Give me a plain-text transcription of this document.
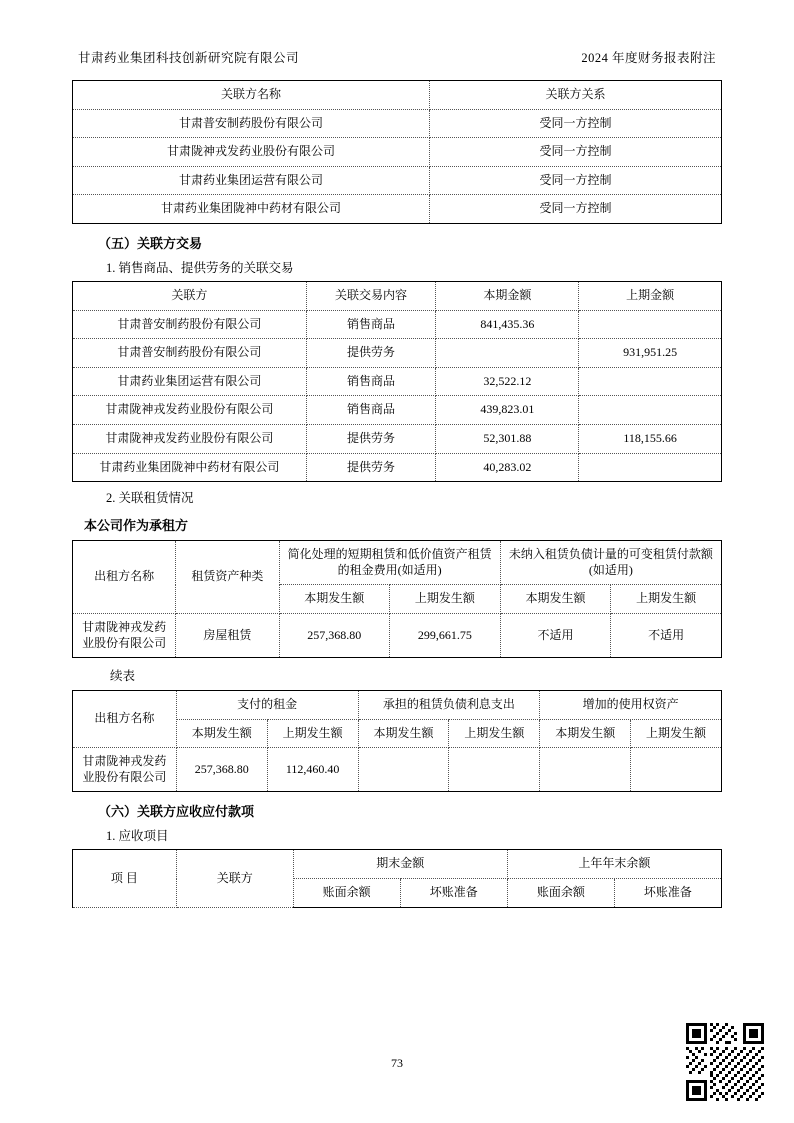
甘肃药业集团科技创新研究院有限公司	2024 年度财务报表附注
关联方名称	关联方关系
甘肃普安制药股份有限公司	受同一方控制
甘肃陇神戎发药业股份有限公司	受同一方控制
甘肃药业集团运营有限公司	受同一方控制
甘肃药业集团陇神中药材有限公司	受同一方控制
（五）关联方交易
1. 销售商品、提供劳务的关联交易
关联方	关联交易内容	本期金额	上期金额
甘肃普安制药股份有限公司	销售商品	841,435.36	
甘肃普安制药股份有限公司	提供劳务		931,951.25
甘肃药业集团运营有限公司	销售商品	32,522.12	
甘肃陇神戎发药业股份有限公司	销售商品	439,823.01	
甘肃陇神戎发药业股份有限公司	提供劳务	52,301.88	118,155.66
甘肃药业集团陇神中药材有限公司	提供劳务	40,283.02	
2. 关联租赁情况
本公司作为承租方
出租方名称	租赁资产种类	简化处理的短期租赁和低价值资产租赁的租金费用(如适用)		未纳入租赁负债计量的可变租赁付款额(如适用)	
		本期发生额	上期发生额	本期发生额	上期发生额
甘肃陇神戎发药业股份有限公司	房屋租赁	257,368.80	299,661.75	不适用	不适用
续表
出租方名称	支付的租金		承担的租赁负债利息支出		增加的使用权资产	
	本期发生额	上期发生额	本期发生额	上期发生额	本期发生额	上期发生额
甘肃陇神戎发药业股份有限公司	257,368.80	112,460.40				
（六）关联方应收应付款项
1. 应收项目
项 目	关联方	期末金额		上年年末余额	
		账面余额	坏账准备	账面余额	坏账准备
73
